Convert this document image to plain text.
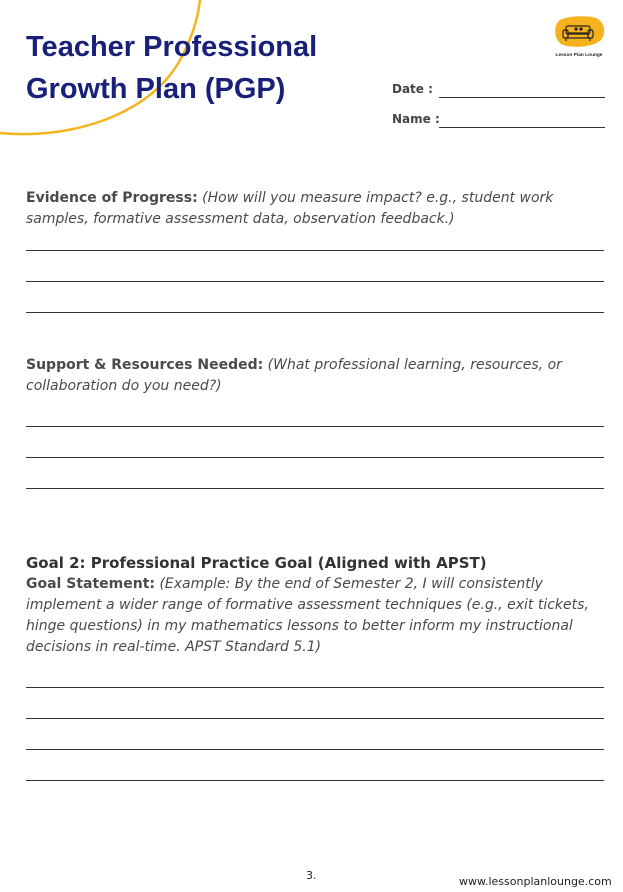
Teacher Professional
Growth Plan (PGP)
Lesson Plan Lounge
Date :
Name :
Evidence of Progress: (How will you measure impact? e.g., student work samples, formative assessment data, observation feedback.)
Support & Resources Needed: (What professional learning, resources, or collaboration do you need?)
Goal 2: Professional Practice Goal (Aligned with APST)
Goal Statement: (Example: By the end of Semester 2, I will consistently implement a wider range of formative assessment techniques (e.g., exit tickets, hinge questions) in my mathematics lessons to better inform my instructional decisions in real-time. APST Standard 5.1)
3.	www.lessonplanlounge.com
